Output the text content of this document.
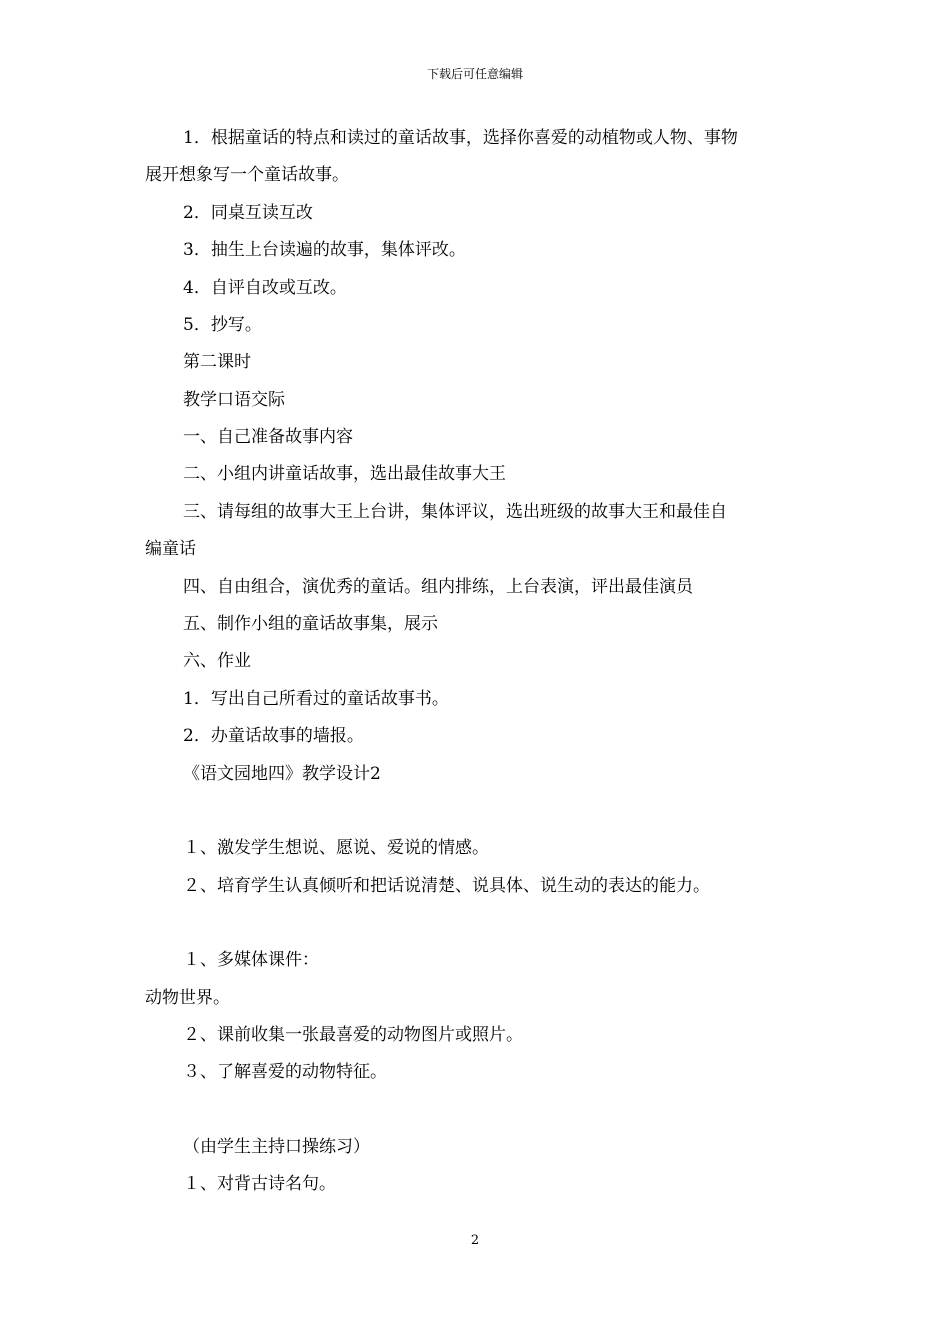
下载后可任意编辑
1．根据童话的特点和读过的童话故事，选择你喜爱的动植物或人物、事物
展开想象写一个童话故事。
2．同桌互读互改
3．抽生上台读遍的故事，集体评改。
4．自评自改或互改。
5．抄写。
第二课时
教学口语交际
一、自己准备故事内容
二、小组内讲童话故事，选出最佳故事大王
三、请每组的故事大王上台讲，集体评议，选出班级的故事大王和最佳自
编童话
四、自由组合，演优秀的童话。组内排练，上台表演，评出最佳演员
五、制作小组的童话故事集，展示
六、作业
1．写出自己所看过的童话故事书。
2．办童话故事的墙报。
《语文园地四》教学设计2
１、激发学生想说、愿说、爱说的情感。
２、培育学生认真倾听和把话说清楚、说具体、说生动的表达的能力。
１、多媒体课件：
动物世界。
２、课前收集一张最喜爱的动物图片或照片。
３、了解喜爱的动物特征。
（由学生主持口操练习）
１、对背古诗名句。
2
